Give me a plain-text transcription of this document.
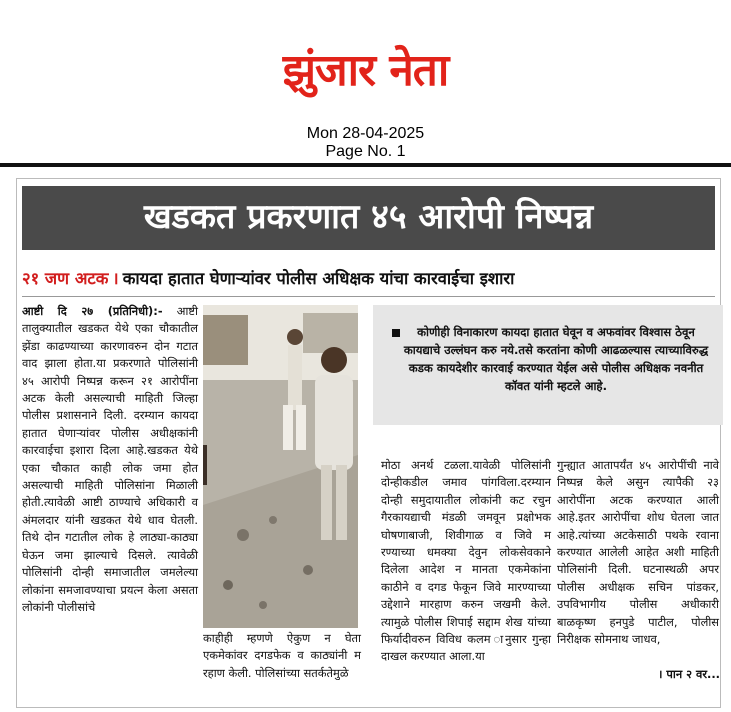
झुंजार नेता
Mon 28-04-2025
Page No. 1
खडकत प्रकरणात ४५ आरोपी निष्पन्न
२१ जण अटक । कायदा हातात घेणाऱ्यांवर पोलीस अधिक्षक यांचा कारवाईचा इशारा
आष्टी दि २७ (प्रतिनिधी):- आष्टी तालुक्यातील खडकत येथे एका चौकातील झेंडा काढण्याच्या कारणावरुन दोन गटात वाद झाला होता.या प्रकरणाते पोलिसांनी ४५ आरोपी निष्पन्न करून २१ आरोपींना अटक केली असल्याची माहिती जिल्हा पोलीस प्रशासनाने दिली. दरम्यान कायदा हातात घेणाऱ्यांवर पोलीस अधीक्षकांनी कारवाईचा इशारा दिला आहे.खडकत येथे एका चौकात काही लोक जमा होत असल्याची माहिती पोलिसांना मिळाली होती.त्यावेळी आष्टी ठाण्याचे अधिकारी व अंमलदार यांनी खडकत येथे धाव घेतली. तिथे दोन गटातील लोक हे लाठ्या-काठ्या घेऊन जमा झाल्याचे दिसले. त्यावेळी पोलिसांनी दोन्ही समाजातील जमलेल्या लोकांना समजावण्याचा प्रयत्न केला असता लोकांनी पोलीसांचे
कोणीही विनाकारण कायदा हातात घेवून व अफवांवर विश्वास ठेवून कायद्याचे उल्लंघन करु नये.तसे करतांना कोणी आढळल्यास त्याच्याविरुद्ध कडक कायदेशीर कारवाई करण्यात येईल असे पोलीस अधिक्षक नवनीत कॉवत यांनी म्हटले आहे.
काहीही म्हणणे ऐकुण न घेता एकमेकांवर दगडफेक व काठ्यांनी म रहाण केली. पोलिसांच्या सतर्कतेमुळे
मोठा अनर्थ टळला.यावेळी पोलिसांनी दोन्हीकडील जमाव पांगविला.दरम्यान दोन्ही समुदायातील लोकांनी कट रचुन गैरकायद्याची मंडळी जमवून प्रक्षोभक घोषणाबाजी, शिवीगाळ व जिवे म रण्याच्या धमक्या देवुन लोकसेवकाने दिलेला आदेश न मानता एकमेकांना काठीने व दगड फेकून जिवे मारण्याच्या उद्देशाने मारहाण करुन जखमी केले. त्यामुळे पोलीस शिपाई सद्दाम शेख यांच्या फिर्यादीवरुन विविध कलम ानुसार गुन्हा दाखल करण्यात आला.या
गुन्ह्यात आतापर्यंत ४५ आरोपींची नावे निष्पन्न केले असुन त्यापैकी २३ आरोपींना अटक करण्यात आली आहे.इतर आरोपींचा शोध घेतला जात आहे.त्यांच्या अटकेसाठी पथके रवाना करण्यात आलेली आहेत अशी माहिती पोलिसांनी दिली. घटनास्थळी अपर पोलीस अधीक्षक सचिन पांडकर, उपविभागीय पोलीस अधीकारी बाळकृष्ण हनपुडे पाटील, पोलीस निरीक्षक सोमनाथ जाधव,
। पान २ वर...
